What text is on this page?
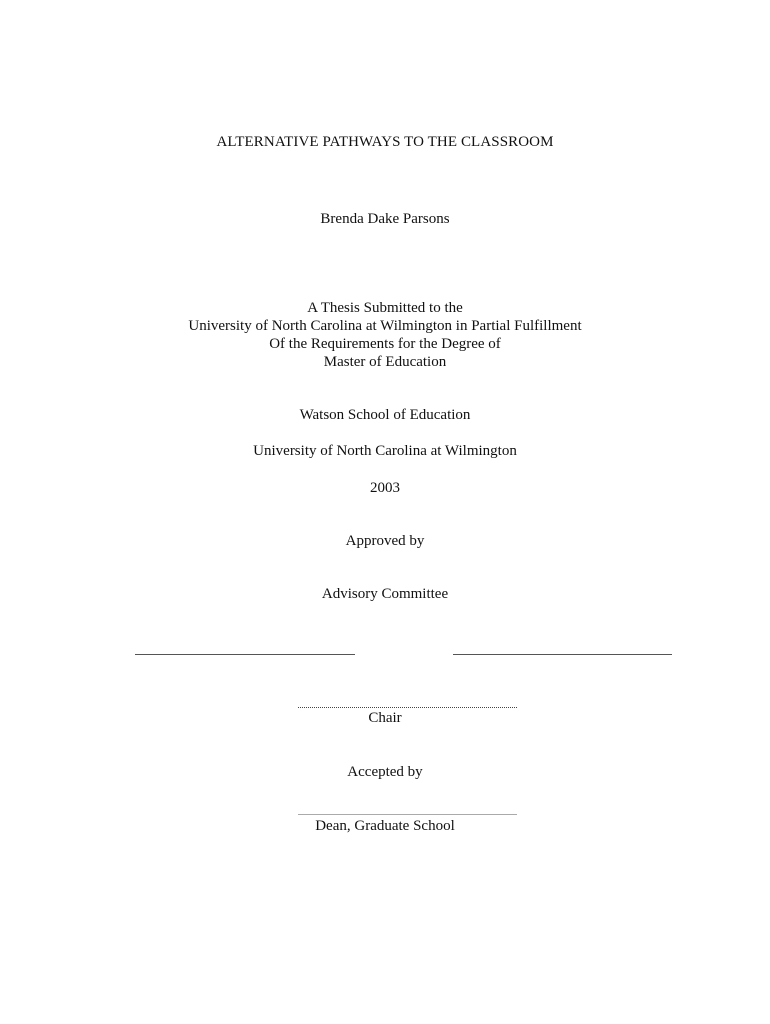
ALTERNATIVE PATHWAYS TO THE CLASSROOM
Brenda Dake Parsons
A Thesis Submitted to the
University of North Carolina at Wilmington in Partial Fulfillment
Of the Requirements for the Degree of
Master of Education
Watson School of Education
University of North Carolina at Wilmington
2003
Approved by
Advisory Committee
Chair
Accepted by
Dean, Graduate School
